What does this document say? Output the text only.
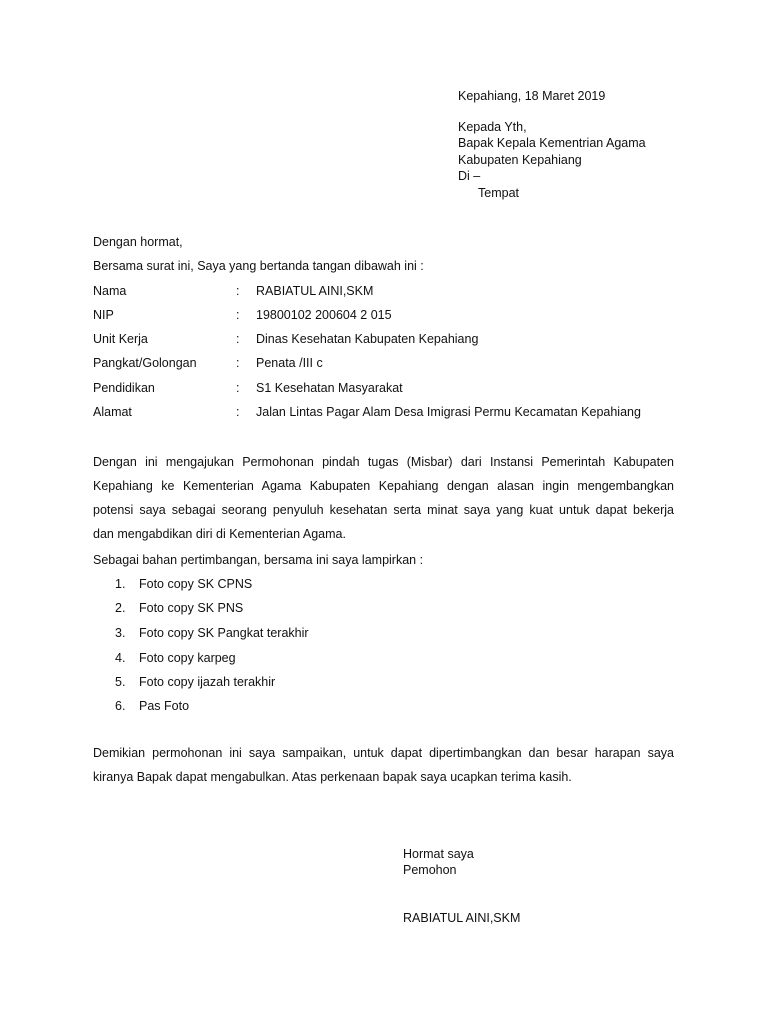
Kepahiang, 18 Maret 2019
Kepada Yth,
Bapak Kepala Kementrian Agama
Kabupaten Kepahiang
Di –
Tempat
Dengan hormat,
Bersama surat ini, Saya yang bertanda tangan dibawah ini :
Nama	: RABIATUL AINI,SKM
NIP	: 19800102 200604 2 015
Unit Kerja	: Dinas Kesehatan Kabupaten Kepahiang
Pangkat/Golongan	: Penata /III c
Pendidikan	: S1 Kesehatan Masyarakat
Alamat	: Jalan Lintas Pagar Alam Desa Imigrasi Permu Kecamatan Kepahiang
Dengan ini mengajukan Permohonan pindah tugas (Misbar) dari Instansi Pemerintah Kabupaten
Kepahiang ke Kementerian Agama Kabupaten Kepahiang dengan alasan ingin mengembangkan
potensi saya sebagai seorang penyuluh kesehatan serta minat saya yang kuat untuk dapat bekerja
dan mengabdikan diri di Kementerian Agama.
Sebagai bahan pertimbangan, bersama ini saya lampirkan :
1. Foto copy SK CPNS
2. Foto copy SK PNS
3. Foto copy SK Pangkat terakhir
4. Foto copy karpeg
5. Foto copy ijazah terakhir
6. Pas Foto
Demikian permohonan ini saya sampaikan, untuk dapat dipertimbangkan dan besar harapan saya
kiranya Bapak dapat mengabulkan. Atas perkenaan bapak saya ucapkan terima kasih.
Hormat saya
Pemohon
RABIATUL AINI,SKM
